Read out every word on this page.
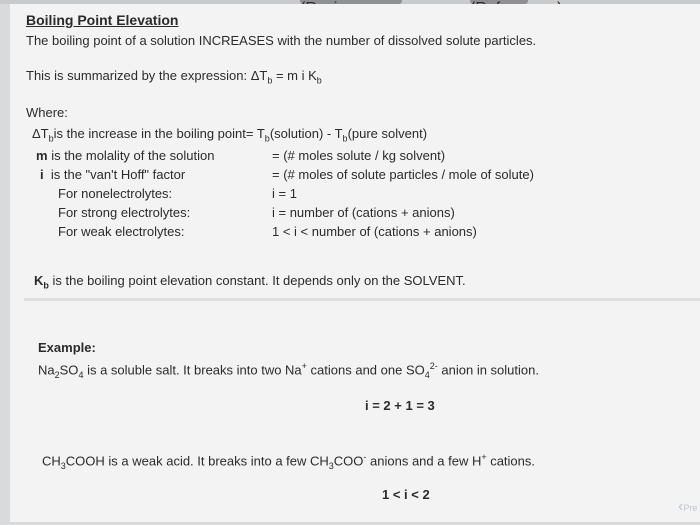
Boiling Point Elevation
The boiling point of a solution INCREASES with the number of dissolved solute particles.
This is summarized by the expression: $\Delta T_b = m$ i $K_b$
Where:
$\Delta T_bis$ the increase in the boiling point= $T_b(solution)$ - $T_b(pure$ solvent)
m is the molality of the solution	= (# moles solute / kg solvent)
i is the "van't Hoff" factor	= (# moles of solute particles / mole of solute)
For nonelectrolytes:	i = 1
For strong electrolytes:	i = number of (cations + anions)
For weak electrolytes:	1 < i < number of (cations + anions)
$K_b$ is the boiling point elevation constant. It depends only on the SOLVENT.
Example:
$Na_2SO_4$ is a soluble salt. It breaks into two Na+ cations and one $SO_4^{2-}$ anion in solution.
i = 2 + 1 = 3
$CH_3COOH$ is a weak acid. It breaks into a few $CH_3COO^-$ anions and a few H+ cations.
1 < i < 2
‹Pre
